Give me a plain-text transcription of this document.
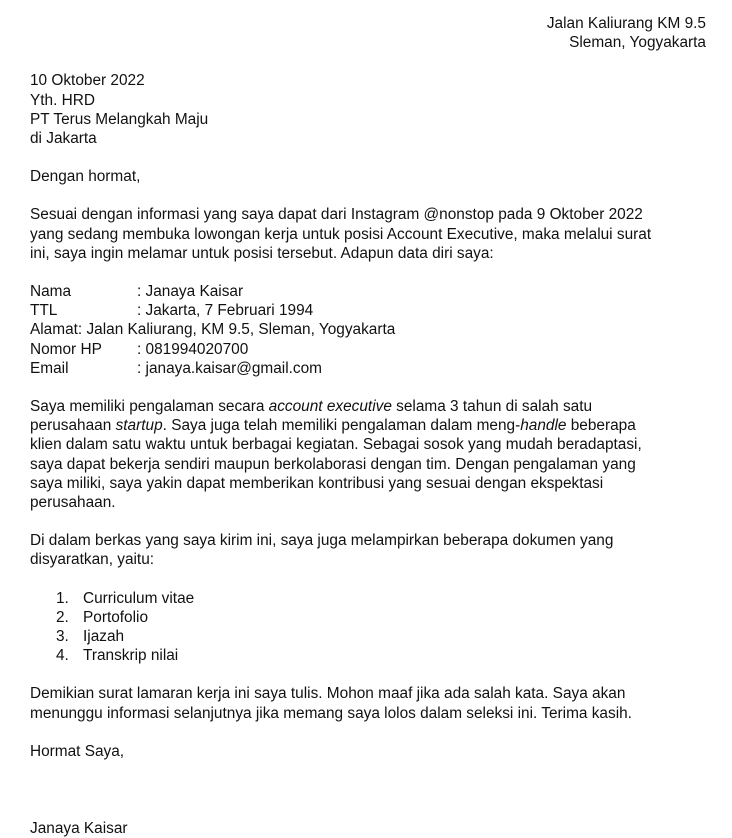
Jalan Kaliurang KM 9.5
Sleman, Yogyakarta
10 Oktober 2022
Yth. HRD
PT Terus Melangkah Maju
di Jakarta
Dengan hormat,

Sesuai dengan informasi yang saya dapat dari Instagram @nonstop pada 9 Oktober 2022

yang sedang membuka lowongan kerja untuk posisi Account Executive, maka melalui surat

ini, saya ingin melamar untuk posisi tersebut. Adapun data diri saya:

Nama	: Janaya Kaisar
TTL	: Jakarta, 7 Februari 1994
Alamat : Jalan Kaliurang, KM 9.5, Sleman, Yogyakarta
Nomor HP	: 081994020700
Email	: janaya.kaisar@gmail.com

Saya memiliki pengalaman secara account executive selama 3 tahun di salah satu

perusahaan startup. Saya juga telah memiliki pengalaman dalam meng-handle beberapa

klien dalam satu waktu untuk berbagai kegiatan. Sebagai sosok yang mudah beradaptasi,

saya dapat bekerja sendiri maupun berkolaborasi dengan tim. Dengan pengalaman yang

saya miliki, saya yakin dapat memberikan kontribusi yang sesuai dengan ekspektasi

perusahaan.

Di dalam berkas yang saya kirim ini, saya juga melampirkan beberapa dokumen yang

disyaratkan, yaitu:

1. Curriculum vitae
2. Portofolio
3. Ijazah
4. Transkrip nilai

Demikian surat lamaran kerja ini saya tulis. Mohon maaf jika ada salah kata. Saya akan

menunggu informasi selanjutnya jika memang saya lolos dalam seleksi ini. Terima kasih.

Hormat Saya,
Janaya Kaisar
